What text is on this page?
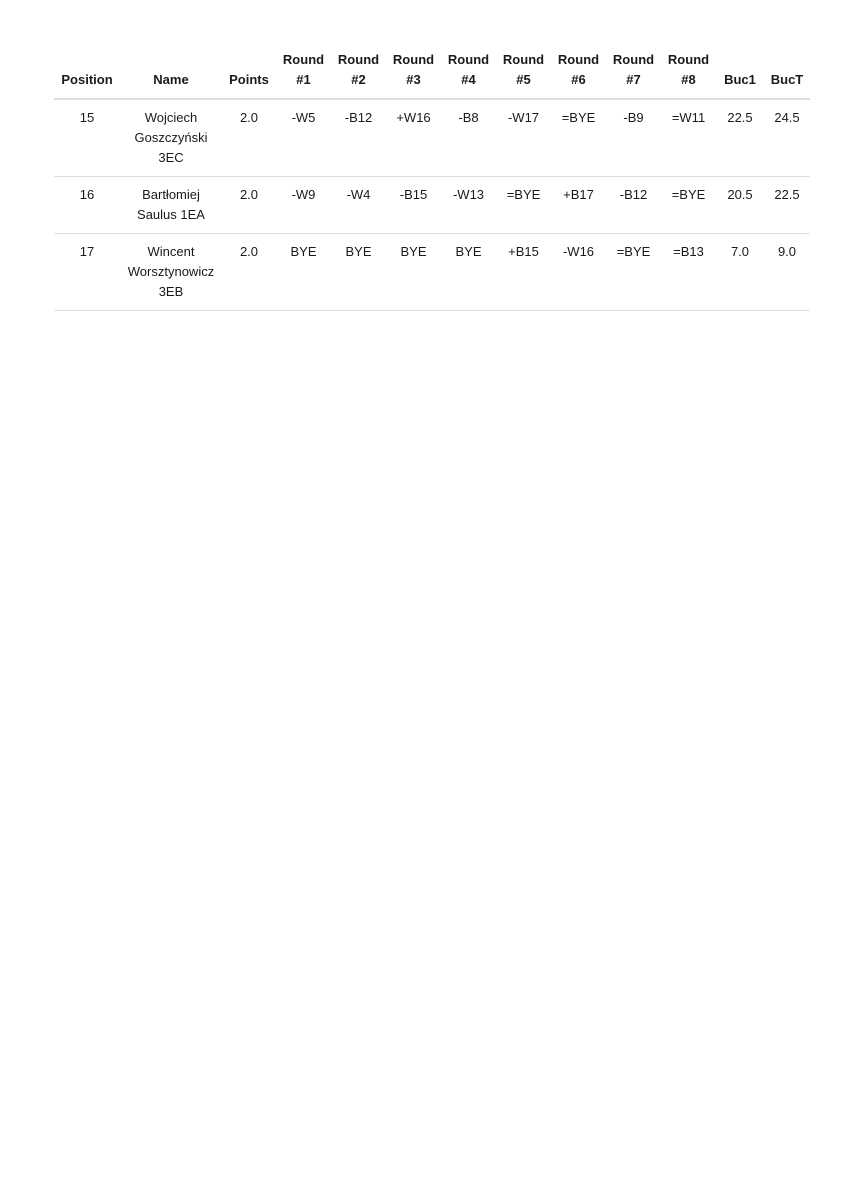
Position	Name	Points	Round #1	Round #2	Round #3	Round #4	Round #5	Round #6	Round #7	Round #8	Buc1	BucT
15	Wojciech Goszczyński 3EC	2.0	-W5	-B12	+W16	-B8	-W17	=BYE	-B9	=W11	22.5	24.5
16	Bartłomiej Saulus 1EA	2.0	-W9	-W4	-B15	-W13	=BYE	+B17	-B12	=BYE	20.5	22.5
17	Wincent Worsztynowicz 3EB	2.0	BYE	BYE	BYE	BYE	+B15	-W16	=BYE	=B13	7.0	9.0
